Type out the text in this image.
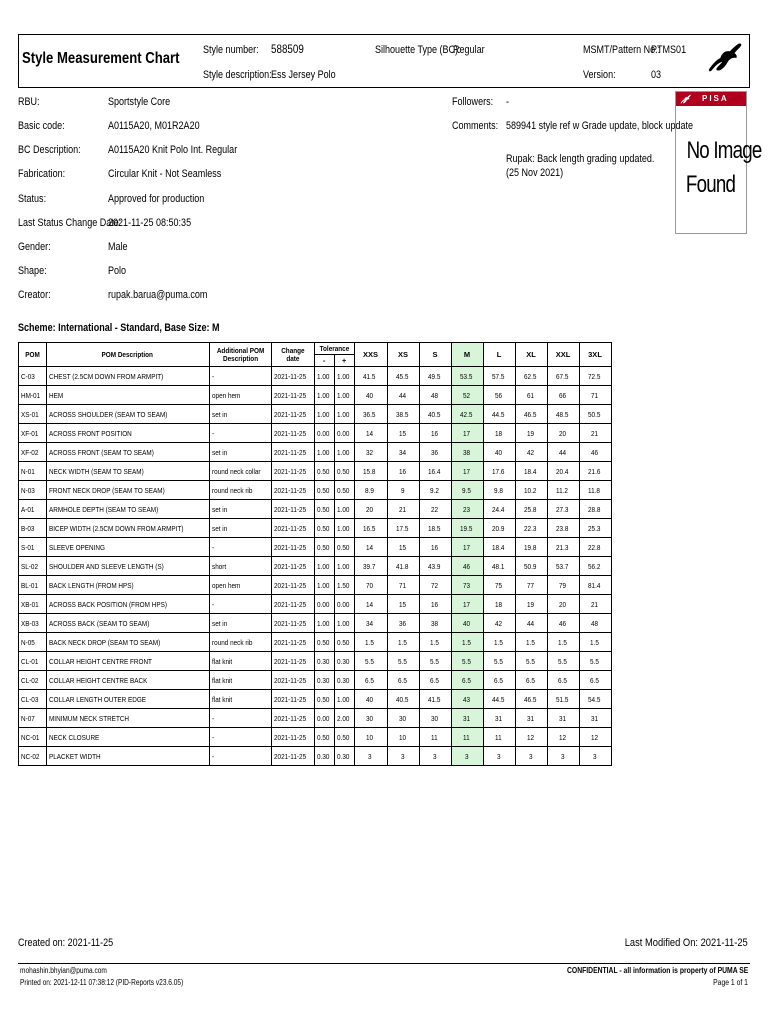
Style Measurement Chart	Style number:	588509
Style description: Ess Jersey Polo
Silhouette Type (BC):
Regular	MSMT/Pattern No.:
PTMS01
Version:	03
RBU:	Sportstyle Core
Basic code:	A0115A20, M01R2A20
BC Description:	A0115A20 Knit Polo Int. Regular
Fabrication:	Circular Knit - Not Seamless
Status:	Approved for production
Last Status Change Date:
2021-11-25 08:50:35
Gender:	Male
Shape:	Polo
Creator:	rupak.barua@puma.com
Followers:	-
Comments: 589941 style ref w Grade update, block update
Rupak: Back length grading updated. (25 Nov 2021)
PISA
No Image
Found
Scheme: International - Standard, Base Size: M
POM	POM Description	Additional POM Description	Change date	Tolerance		XXS	XS	S	M	L	XL	XXL	3XL
				-	+								
C-03	CHEST (2.5CM DOWN FROM ARMPIT)	-	2021-11-25	1.00	1.00	41.5	45.5	49.5	53.5	57.5	62.5	67.5	72.5
HM-01	HEM	open hem	2021-11-25	1.00	1.00	40	44	48	52	56	61	66	71
XS-01	ACROSS SHOULDER (SEAM TO SEAM)	set in	2021-11-25	1.00	1.00	36.5	38.5	40.5	42.5	44.5	46.5	48.5	50.5
XF-01	ACROSS FRONT POSITION	-	2021-11-25	0.00	0.00	14	15	16	17	18	19	20	21
XF-02	ACROSS FRONT (SEAM TO SEAM)	set in	2021-11-25	1.00	1.00	32	34	36	38	40	42	44	46
N-01	NECK WIDTH (SEAM TO SEAM)	round neck collar	2021-11-25	0.50	0.50	15.8	16	16.4	17	17.6	18.4	20.4	21.6
N-03	FRONT NECK DROP (SEAM TO SEAM)	round neck rib	2021-11-25	0.50	0.50	8.9	9	9.2	9.5	9.8	10.2	11.2	11.8
A-01	ARMHOLE DEPTH (SEAM TO SEAM)	set in	2021-11-25	0.50	1.00	20	21	22	23	24.4	25.8	27.3	28.8
B-03	BICEP WIDTH (2.5CM DOWN FROM ARMPIT)	set in	2021-11-25	0.50	1.00	16.5	17.5	18.5	19.5	20.9	22.3	23.8	25.3
S-01	SLEEVE OPENING	-	2021-11-25	0.50	0.50	14	15	16	17	18.4	19.8	21.3	22.8
SL-02	SHOULDER AND SLEEVE LENGTH (S)	short	2021-11-25	1.00	1.00	39.7	41.8	43.9	46	48.1	50.9	53.7	56.2
BL-01	BACK LENGTH (FROM HPS)	open hem	2021-11-25	1.00	1.50	70	71	72	73	75	77	79	81.4
XB-01	ACROSS BACK POSITION (FROM HPS)	-	2021-11-25	0.00	0.00	14	15	16	17	18	19	20	21
XB-03	ACROSS BACK (SEAM TO SEAM)	set in	2021-11-25	1.00	1.00	34	36	38	40	42	44	46	48
N-05	BACK NECK DROP (SEAM TO SEAM)	round neck rib	2021-11-25	0.50	0.50	1.5	1.5	1.5	1.5	1.5	1.5	1.5	1.5
CL-01	COLLAR HEIGHT CENTRE FRONT	flat knit	2021-11-25	0.30	0.30	5.5	5.5	5.5	5.5	5.5	5.5	5.5	5.5
CL-02	COLLAR HEIGHT CENTRE BACK	flat knit	2021-11-25	0.30	0.30	6.5	6.5	6.5	6.5	6.5	6.5	6.5	6.5
CL-03	COLLAR LENGTH OUTER EDGE	flat knit	2021-11-25	0.50	1.00	40	40.5	41.5	43	44.5	46.5	51.5	54.5
N-07	MINIMUM NECK STRETCH	-	2021-11-25	0.00	2.00	30	30	30	31	31	31	31	31
NC-01	NECK CLOSURE	-	2021-11-25	0.50	0.50	10	10	11	11	11	12	12	12
NC-02	PLACKET WIDTH	-	2021-11-25	0.30	0.30	3	3	3	3	3	3	3	3
Created on: 2021-11-25	Last Modified On: 2021-11-25
mohashin.bhyian@puma.com
Printed on: 2021-12-11 07:38:12 (PID-Reports v23.6.05)
CONFIDENTIAL - all information is property of PUMA SE
Page 1 of 1
